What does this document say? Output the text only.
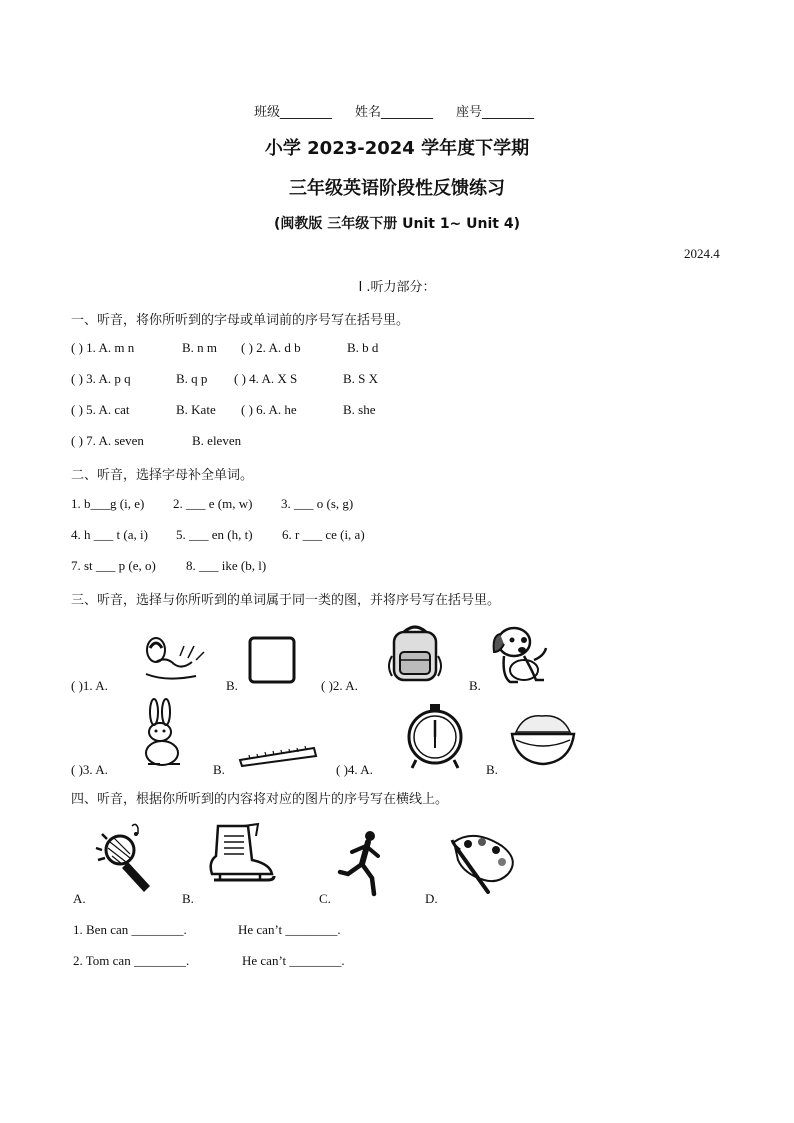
班级________ 姓名________ 座号________
小学 2023-2024 学年度下学期
三年级英语阶段性反馈练习
(闽教版 三年级下册 Unit 1~ Unit 4)
2024.4
I .听力部分：
一、听音，将你所听到的字母或单词前的序号写在括号里。
( ) 1. A. m n	B. n m ( ) 2. A. d b	B. b d
( ) 3. A. p q	B. q p ( ) 4. A. X S	B. S X
( ) 5. A. cat	B. Kate ( ) 6. A. he	B. she
( ) 7. A. seven	B. eleven
二、听音，选择字母补全单词。
1. b___g (i, e) 2. ___ e (m, w) 3. ___ o (s, g)
4. h ___ t (a, i) 5. ___ en (h, t) 6. r ___ ce (i, a)
7. st ___ p (e, o) 8. ___ ike (b, l)
三、听音，选择与你所听到的单词属于同一类的图，并将序号写在括号里。
( )1. A.	B.	( )2. A.	B.
( )3. A.	B.	( )4. A.	B.
四、听音，根据你所听到的内容将对应的图片的序号写在横线上。
A.	B.	C.	D.
1. Ben can ________.	He can’t ________.
2. Tom can ________.	He can’t ________.
